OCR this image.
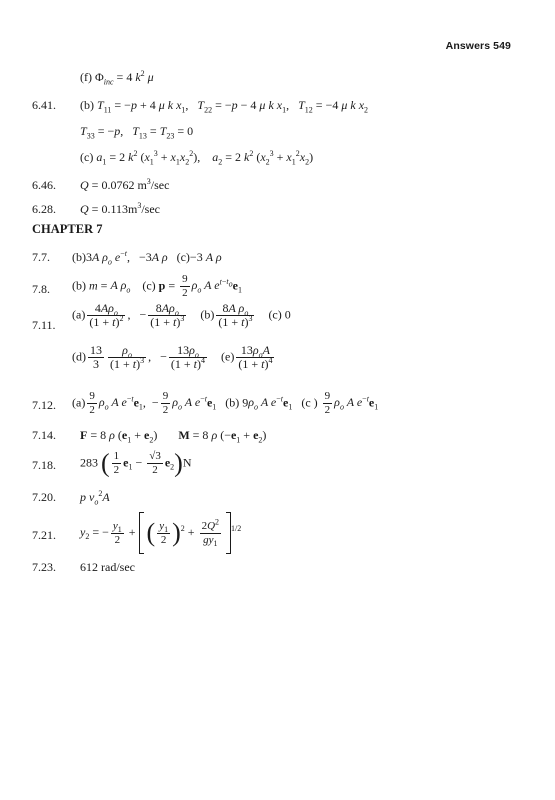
Answers 549
(f) $\Phi_{inc} = 4$ $k^2$ μ
6.41. (b) $T_{11} = -p + 4$ μ k $x_1$,   $T_{22} = -p - 4$ μ k $x_1$,   $T_{12} = -4$ μ k $x_2$
$T_{33} = -p$,   $T_{13} = T_{23} = 0$
(c) $a_1 = 2$ $k^2$ $(x_1^3 + x_1x_2^2)$,    $a_2 = 2$ $k^2$ $(x_2^3 + x_1^2x_2)$
6.46. Q = 0.0762 $m^3/\sec$
6.28. $Q = 0.113m^3/\sec$
CHAPTER 7
7.7. (b)3A $\rho_o$ $e^{-t}$,   −3A ρ   (c)−3 A ρ
7.8. (b) m = A $\rho_o$    (c) $p = \frac{9}{2} \rho_o$ A $e^{t-t_o}e_1$
7.11.
(a) $4A\rho_o$
$(1 + t)^2$ ,   − $8A\rho_o$
$(1 + t)^3$ $(b) \frac{8A \rho_o}{(1 + t)^3} (c)$ 0
$(d) \frac{13}{3} \frac{\rho_o}{(1 + t)^3}$ ,   − $\frac{13\rho_o}{(1 + t)^4} (e)$ $13\rho_oA$
$(1 + t)^4$
7.12. $(a) \frac{9}{2} \rho_o$ A $e^{-t}e_1$,  − $\frac{9}{2} \rho_o$ A $e^{-t}e_1$   (b) $9\rho_o$ A $e^{-t}e_1$   (c ) $\frac{9}{2} \rho_o$ A $e^{-t}e_1$
7.14. F = 8 ρ $(e_1 + e_2)$       M = 8 ρ $(-e_1 + e_2)$
7.18. 283 ( $\frac{1}{2} e_1 - \frac{√3}{2} e_2)N$
7.20. p $v_o^2A$
7.21. $y_2$ = − $\frac{y_1}{2}$ +  ( $\frac{y_1}{2} )^2 + \frac{2Q^2}{gy_1} ^{1/2}$
7.23. 612 rad/sec
